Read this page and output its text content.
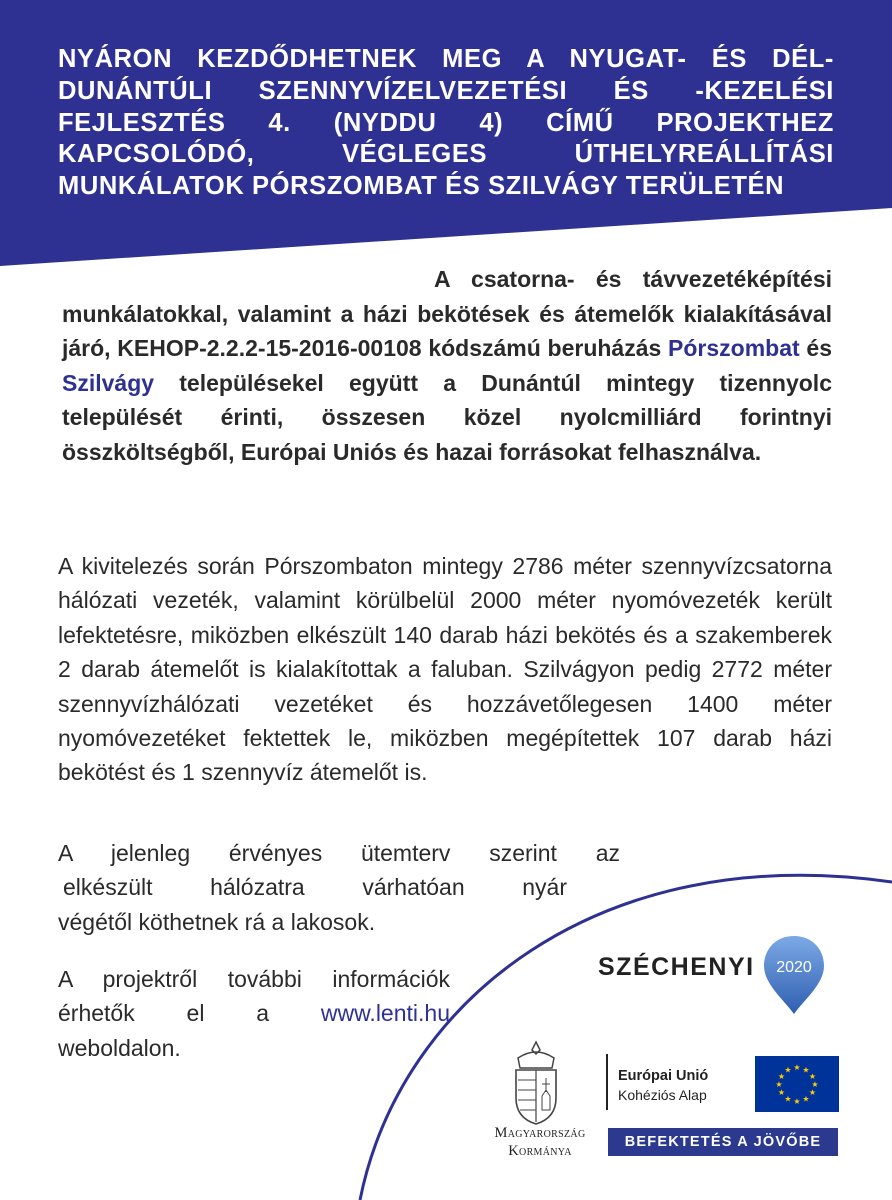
NYÁRON KEZDŐDHETNEK MEG A NYUGAT- ÉS DÉL-DUNÁNTÚLI SZENNYVÍZELVEZETÉSI ÉS -KEZELÉSI FEJLESZTÉS 4. (NYDDU 4) CÍMŰ PROJEKTHEZ KAPCSOLÓDÓ, VÉGLEGES ÚTHELYREÁLLÍTÁSI MUNKÁLATOK PÓRSZOMBAT ÉS SZILVÁGY TERÜLETÉN

A csatorna- és távvezetéképítési munkálatokkal, valamint a házi bekötések és átemelők kialakításával járó, KEHOP-2.2.2-15-2016-00108 kódszámú beruházás Pórszombat és Szilvágy településekel együtt a Dunántúl mintegy tizennyolc települését érinti, összesen közel nyolcmilliárd forintnyi összköltségből, Európai Uniós és hazai forrásokat felhasználva.

A kivitelezés során Pórszombaton mintegy 2786 méter szennyvízcsatorna hálózati vezeték, valamint körülbelül 2000 méter nyomóvezeték került lefektetésre, miközben elkészült 140 darab házi bekötés és a szakemberek 2 darab átemelőt is kialakítottak a faluban. Szilvágyon pedig 2772 méter szennyvízhálózati vezetéket és hozzávetőlegesen 1400 méter nyomóvezetéket fektettek le, miközben megépítettek 107 darab házi bekötést és 1 szennyvíz átemelőt is.

A jelenleg érvényes ütemterv szerint az
elkészült hálózatra várhatóan nyár
végétől köthetnek rá a lakosok.

A projektről további információk
érhetők el a www.lenti.hu
weboldalon.

SZÉCHENYI 2020
Magyarország
Kormánya
Európai Unió
Kohéziós Alap
★ ★
★
★
★
★
★
★
★
★
★
★
BEFEKTETÉS A JÖVŐBE
